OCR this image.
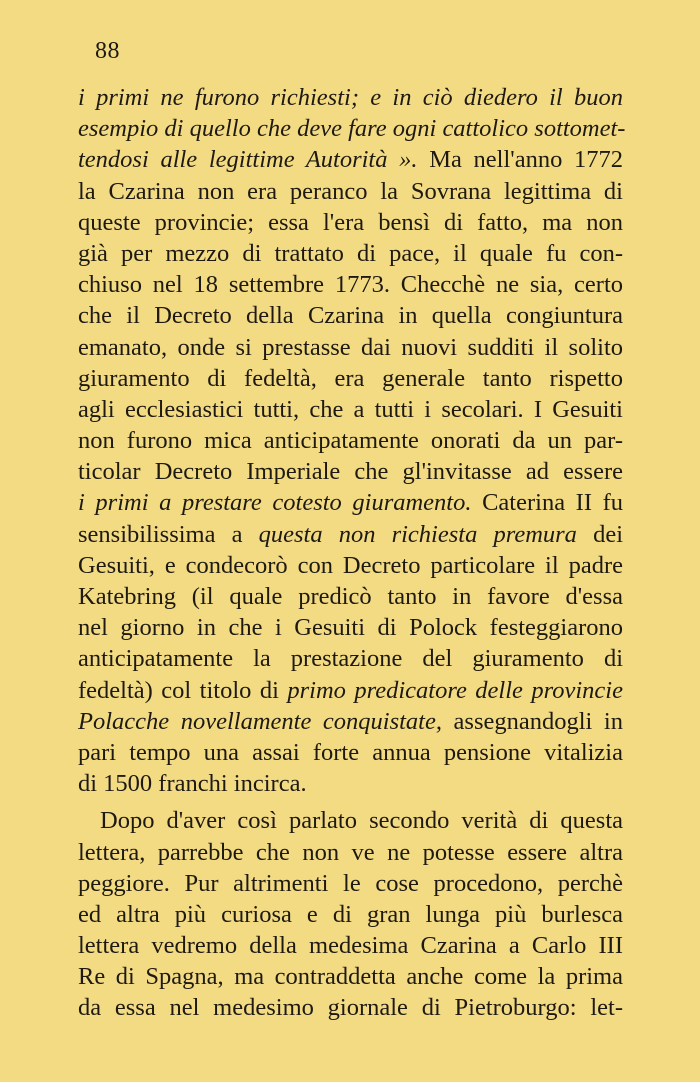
88
i primi ne furono richiesti; e in ciò diedero il buon
esempio di quello che deve fare ogni cattolico sottomet-
tendosi alle legittime Autorità ». Ma nell'anno 1772
la Czarina non era peranco la Sovrana legittima di
queste provincie; essa l'era bensì di fatto, ma non
già per mezzo di trattato di pace, il quale fu con-
chiuso nel 18 settembre 1773. Checchè ne sia, certo
che il Decreto della Czarina in quella congiuntura
emanato, onde si prestasse dai nuovi sudditi il solito
giuramento di fedeltà, era generale tanto rispetto
agli ecclesiastici tutti, che a tutti i secolari. I Gesuiti
non furono mica anticipatamente onorati da un par-
ticolar Decreto Imperiale che gl'invitasse ad essere
i primi a prestare cotesto giuramento. Caterina II fu
sensibilissima a questa non richiesta premura dei
Gesuiti, e condecorò con Decreto particolare il padre
Katebring (il quale predicò tanto in favore d'essa
nel giorno in che i Gesuiti di Polock festeggiarono
anticipatamente la prestazione del giuramento di
fedeltà) col titolo di primo predicatore delle provincie
Polacche novellamente conquistate, assegnandogli in
pari tempo una assai forte annua pensione vitalizia
di 1500 franchi incirca.
Dopo d'aver così parlato secondo verità di questa
lettera, parrebbe che non ve ne potesse essere altra
peggiore. Pur altrimenti le cose procedono, perchè
ed altra più curiosa e di gran lunga più burlesca
lettera vedremo della medesima Czarina a Carlo III
Re di Spagna, ma contraddetta anche come la prima
da essa nel medesimo giornale di Pietroburgo: let-
